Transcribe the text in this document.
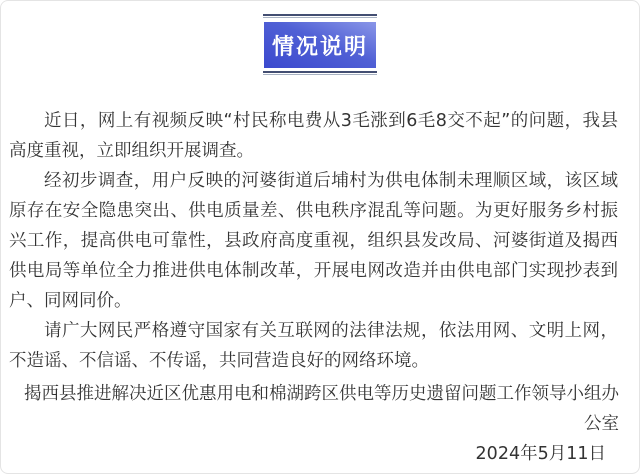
情况说明

近日，网上有视频反映“村民称电费从3毛涨到6毛8交不起”的问题，我县高度重视，立即组织开展调查。

经初步调查，用户反映的河婆街道后埔村为供电体制未理顺区域，该区域原存在安全隐患突出、供电质量差、供电秩序混乱等问题。为更好服务乡村振兴工作，提高供电可靠性，县政府高度重视，组织县发改局、河婆街道及揭西供电局等单位全力推进供电体制改革，开展电网改造并由供电部门实现抄表到户、同网同价。

请广大网民严格遵守国家有关互联网的法律法规，依法用网、文明上网，不造谣、不信谣、不传谣，共同营造良好的网络环境。

揭西县推进解决近区优惠用电和棉湖跨区供电等历史遗留问题工作领导小组办公室
2024年5月11日
